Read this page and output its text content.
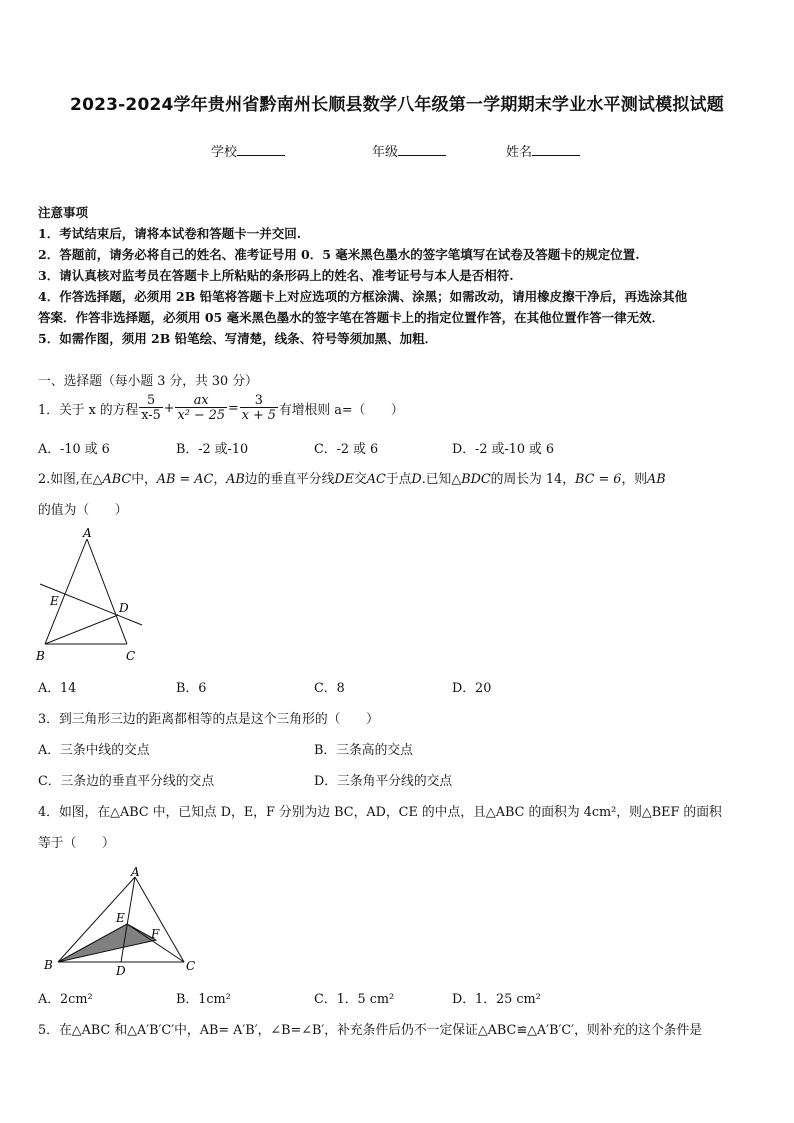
2023-2024学年贵州省黔南州长顺县数学八年级第一学期期末学业水平测试模拟试题
学校	年级	姓名
注意事项
1．考试结束后，请将本试卷和答题卡一并交回.
2．答题前，请务必将自己的姓名、准考证号用 0．5 毫米黑色墨水的签字笔填写在试卷及答题卡的规定位置.
3．请认真核对监考员在答题卡上所粘贴的条形码上的姓名、准考证号与本人是否相符.
4．作答选择题，必须用 2B 铅笔将答题卡上对应选项的方框涂满、涂黑；如需改动，请用橡皮擦干净后，再选涂其他
答案．作答非选择题，必须用 05 毫米黑色墨水的签字笔在答题卡上的指定位置作答，在其他位置作答一律无效．
5．如需作图，须用 2B 铅笔绘、写清楚，线条、符号等须加黑、加粗．
一、选择题（每小题 3 分，共 30 分）
1．关于 x 的方程 $\frac{5}{x-5} + \frac{ax}{\text{x² − 25}} = \frac{3}{x + 5}$ 有增根则 a=（　　）
A．-10 或 6	B．-2 或-10	C．-2 或 6	D．-2 或-10 或 6
2.如图,在△ABC中，AB = AC，AB边的垂直平分线DE交AC于点D.已知△BDC的周长为 14，BC = 6，则AB
的值为（　　）
A
B	C
D
E
A．14	B．6	C．8	D．20
3．到三角形三边的距离都相等的点是这个三角形的（　　）
A．三条中线的交点	B．三条高的交点
C．三条边的垂直平分线的交点	D．三条角平分线的交点
4．如图，在△ABC 中，已知点 D，E，F 分别为边 BC，AD，CE 的中点，且△ABC 的面积为 4cm²，则△BEF 的面积
等于（　　）
A
B	C
D
E
F
A．2cm²	B．1cm²	C．1．5 cm²	D．1．25 cm²
5．在△ABC 和△A′B′C′中，AB= A′B′，∠B=∠B′，补充条件后仍不一定保证△ABC≌△A′B′C′，则补充的这个条件是
